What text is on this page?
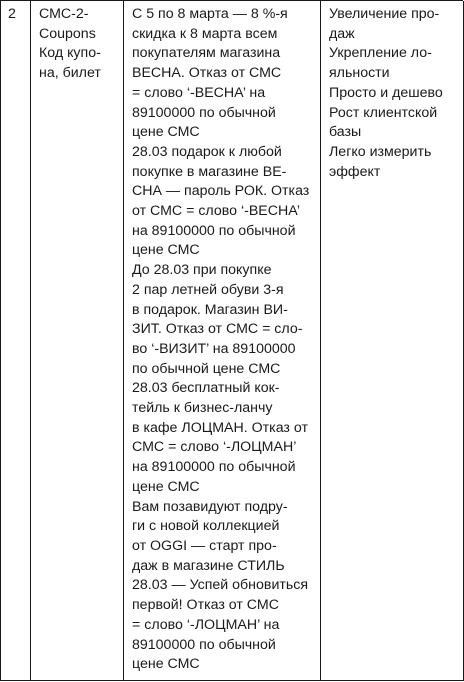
2	СМС-2-
Coupons
Код купо-
на, билет
С 5 по 8 марта — 8 %-я
скидка к 8 марта всем
покупателям магазина
ВЕСНА. Отказ от СМС
= слово ‘-ВЕСНА’ на
89100000 по обычной
цене СМС
28.03 подарок к любой
покупке в магазине ВЕ-
СНА — пароль РОК. Отказ
от СМС = слово ‘-ВЕСНА’
на 89100000 по обычной
цене СМС
До 28.03 при покупке
2 пар летней обуви 3-я
в подарок. Магазин ВИ-
ЗИТ. Отказ от СМС = сло-
во ‘-ВИЗИТ’ на 89100000
по обычной цене СМС
28.03 бесплатный кок-
тейль к бизнес-ланчу
в кафе ЛОЦМАН. Отказ от
СМС = слово ‘-ЛОЦМАН’
на 89100000 по обычной
цене СМС
Вам позавидуют подру-
ги с новой коллекцией
от OGGI — старт про-
даж в магазине СТИЛЬ
28.03 — Успей обновиться
первой! Отказ от СМС
= слово ‘-ЛОЦМАН’ на
89100000 по обычной
цене СМС
Увеличение про-
даж
Укрепление ло-
яльности
Просто и дешево
Рост клиентской
базы
Легко измерить
эффект
